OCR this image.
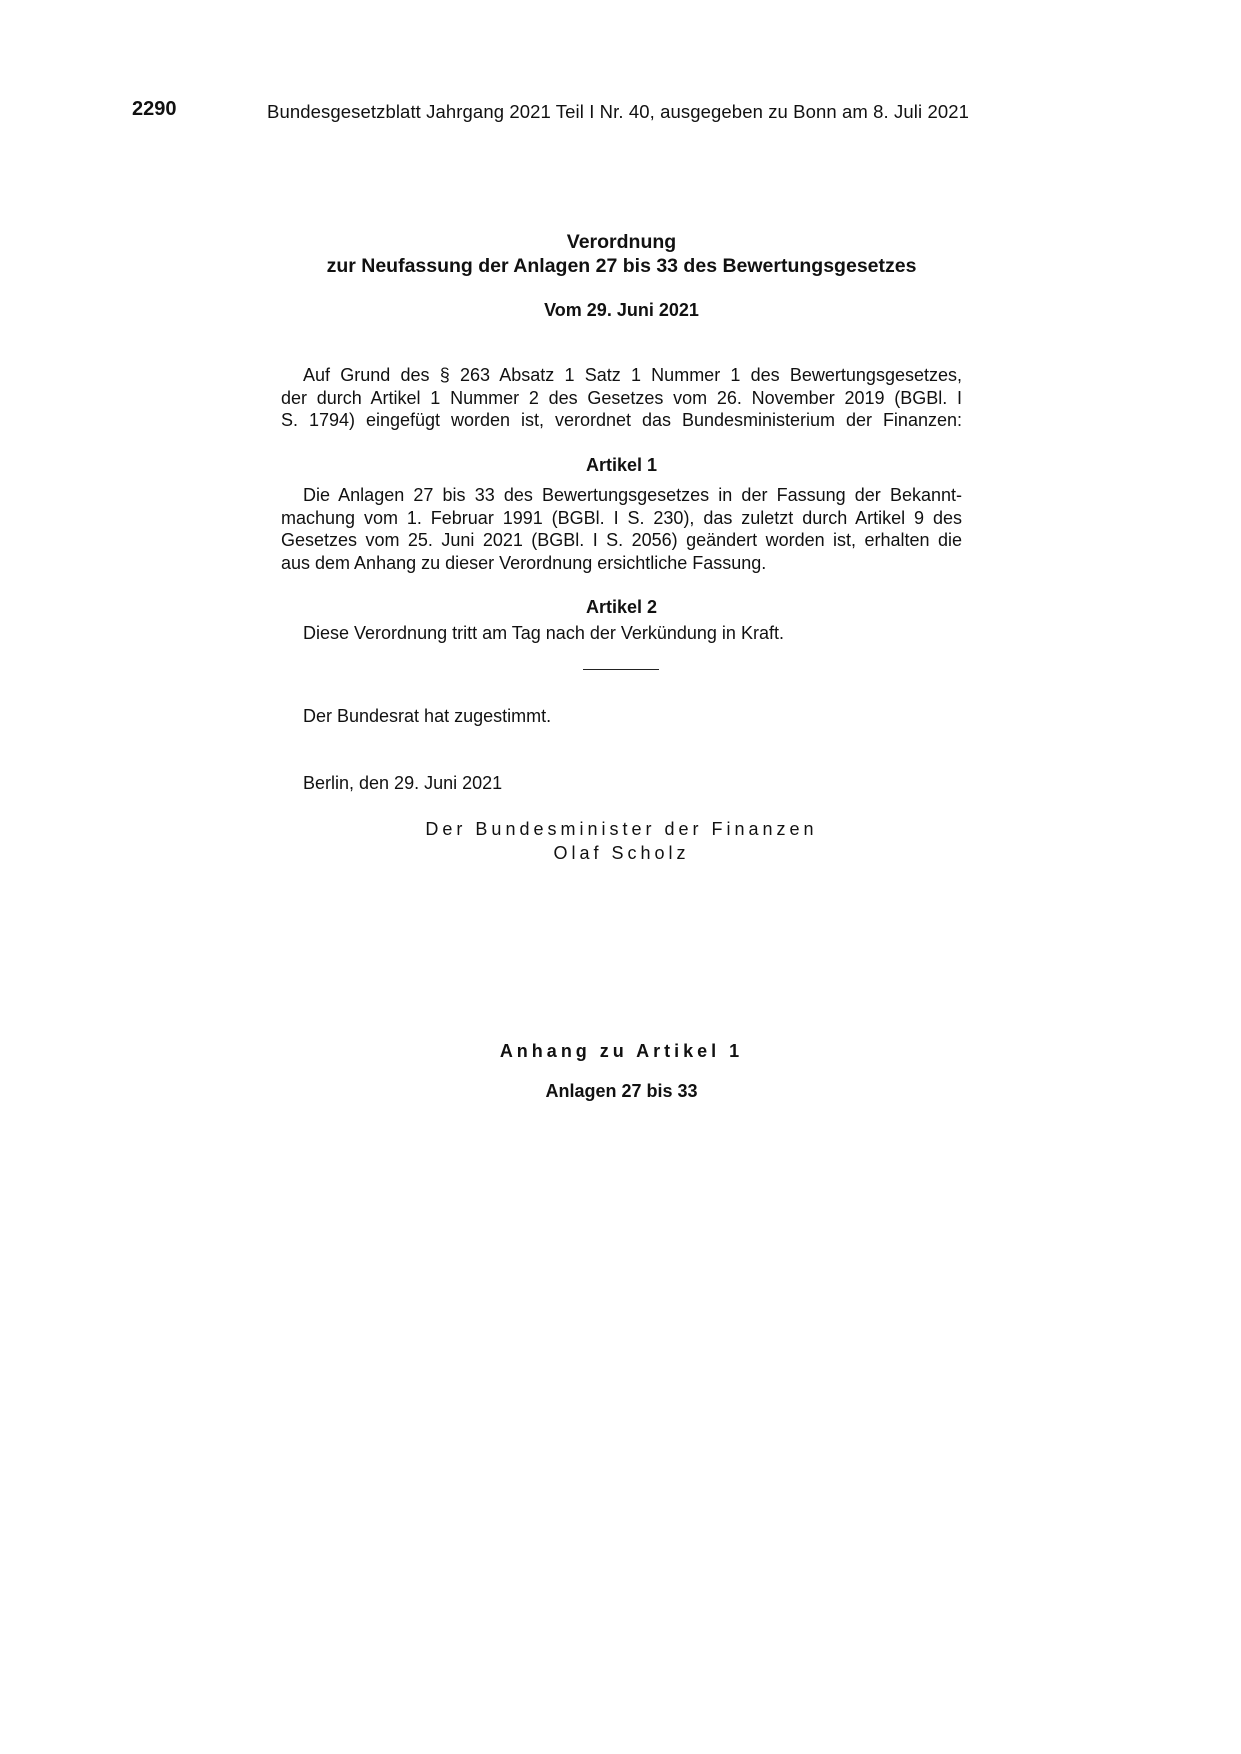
2290	Bundesgesetzblatt Jahrgang 2021 Teil I Nr. 40, ausgegeben zu Bonn am 8. Juli 2021
Verordnung
zur Neufassung der Anlagen 27 bis 33 des Bewertungsgesetzes
Vom 29. Juni 2021
Auf Grund des § 263 Absatz 1 Satz 1 Nummer 1 des Bewertungsgesetzes,
der durch Artikel 1 Nummer 2 des Gesetzes vom 26. November 2019 (BGBl. I
S. 1794) eingefügt worden ist, verordnet das Bundesministerium der Finanzen:
Artikel 1
Die Anlagen 27 bis 33 des Bewertungsgesetzes in der Fassung der Bekannt-
machung vom 1. Februar 1991 (BGBl. I S. 230), das zuletzt durch Artikel 9 des
Gesetzes vom 25. Juni 2021 (BGBl. I S. 2056) geändert worden ist, erhalten die
aus dem Anhang zu dieser Verordnung ersichtliche Fassung.
Artikel 2
Diese Verordnung tritt am Tag nach der Verkündung in Kraft.
Der Bundesrat hat zugestimmt.
Berlin, den 29. Juni 2021
Der Bundesminister der Finanzen
Olaf Scholz
Anhang zu Artikel 1
Anlagen 27 bis 33
